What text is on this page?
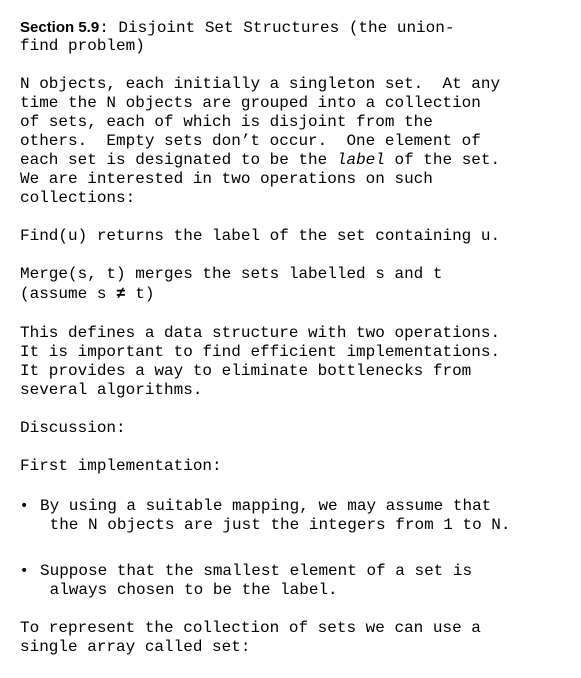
Section 5.9: Disjoint Set Structures (the union-
find problem)
N objects, each initially a singleton set.  At any
time the N objects are grouped into a collection
of sets, each of which is disjoint from the
others.  Empty sets don’t occur.  One element of
each set is designated to be the label of the set.
We are interested in two operations on such
collections:
Find(u) returns the label of the set containing u.
Merge(s, t) merges the sets labelled s and t
(assume s ≠ t)
This defines a data structure with two operations.
It is important to find efficient implementations.
It provides a way to eliminate bottlenecks from
several algorithms.
Discussion:
First implementation:
• By using a suitable mapping, we may assume that
the N objects are just the integers from 1 to N.
• Suppose that the smallest element of a set is
always chosen to be the label.
To represent the collection of sets we can use a
single array called set:
